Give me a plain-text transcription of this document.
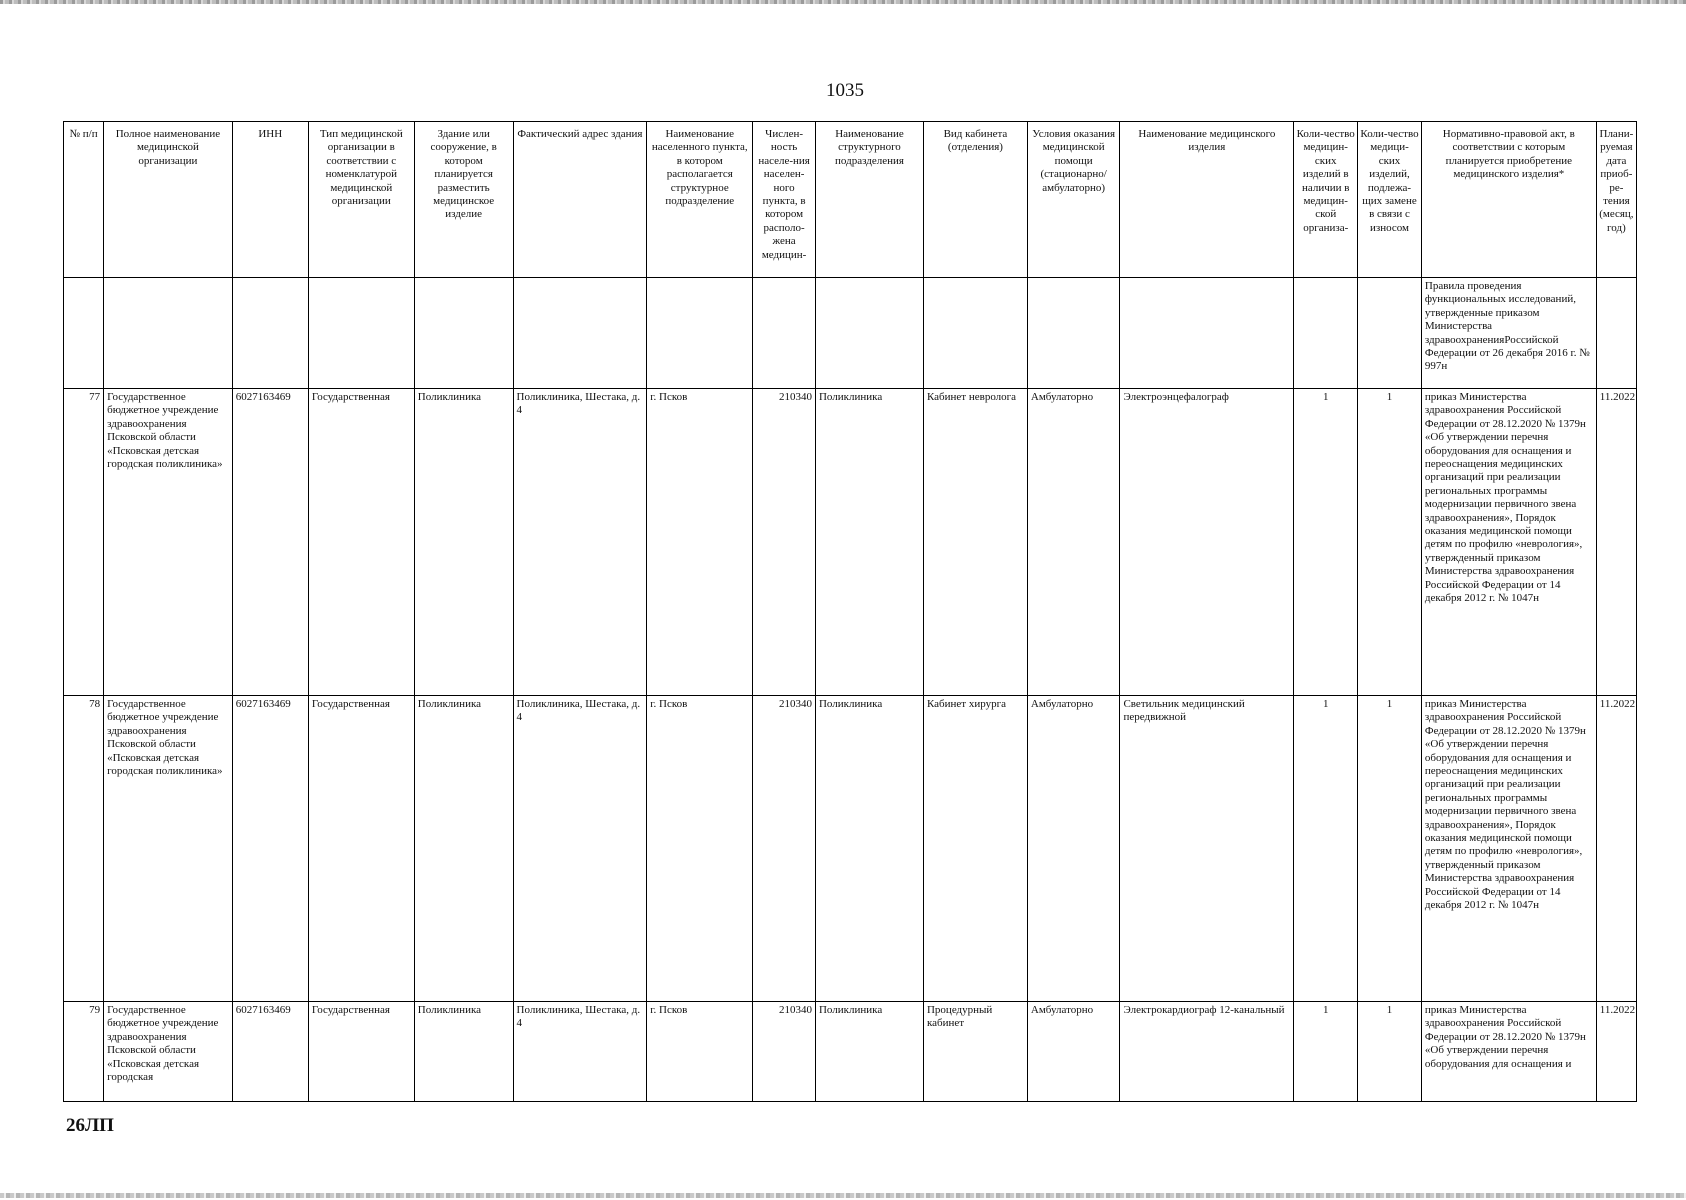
1035
№ п/п	Полное наименование медицинской организации	ИНН	Тип медицинской организации в соответствии с номенклатурой медицинской организации	Здание или сооружение, в котором планируется разместить медицинское изделие	Фактический адрес здания	Наименование населенного пункта, в котором располагается структурное подразделение	Числен-ность населе-ния населен-ного пункта, в котором располо-жена медицин-	Наименование структурного подразделения	Вид кабинета (отделения)	Условия оказания медицинской помощи (стационарно/ амбулаторно)	Наименование медицинского изделия	Коли-чество медицин-ских изделий в наличии в медицин-ской организа-	Коли-чество медици-ских изделий, подлежа-щих замене в связи с износом	Нормативно-правовой акт, в соответствии с которым планируется приобретение медицинского изделия*	Плани-руемая дата приоб-ре-тения (месяц, год)
														Правила проведения функциональных исследований, утвержденные приказом Министерства здравоохраненияРоссийской Федерации от 26 декабря 2016 г. № 997н	
77	Государственное бюджетное учреждение здравоохранения Псковской области «Псковская детская городская поликлиника»	6027163469	Государственная	Поликлиника	Поликлиника, Шестака, д. 4	г. Псков	210340	Поликлиника	Кабинет невролога	Амбулаторно	Электроэнцефалограф	1	1	приказ Министерства здравоохранения Российской Федерации от 28.12.2020 № 1379н «Об утверждении перечня оборудования для оснащения и переоснащения медицинских организаций при реализации региональных программы модернизации первичного звена здравоохранения», Порядок оказания медицинской помощи детям по профилю «неврология», утвержденный приказом Министерства здравоохранения Российской Федерации от 14 декабря 2012 г. № 1047н	11.2022
78	Государственное бюджетное учреждение здравоохранения Псковской области «Псковская детская городская поликлиника»	6027163469	Государственная	Поликлиника	Поликлиника, Шестака, д. 4	г. Псков	210340	Поликлиника	Кабинет хирурга	Амбулаторно	Светильник медицинский передвижной	1	1	приказ Министерства здравоохранения Российской Федерации от 28.12.2020 № 1379н «Об утверждении перечня оборудования для оснащения и переоснащения медицинских организаций при реализации региональных программы модернизации первичного звена здравоохранения», Порядок оказания медицинской помощи детям по профилю «неврология», утвержденный приказом Министерства здравоохранения Российской Федерации от 14 декабря 2012 г. № 1047н	11.2022
79	Государственное бюджетное учреждение здравоохранения Псковской области «Псковская детская городская	6027163469	Государственная	Поликлиника	Поликлиника, Шестака, д. 4	г. Псков	210340	Поликлиника	Процедурный кабинет	Амбулаторно	Электрокардиограф 12-канальный	1	1	приказ Министерства здравоохранения Российской Федерации от 28.12.2020 № 1379н «Об утверждении перечня оборудования для оснащения и	11.2022
26ЛП
